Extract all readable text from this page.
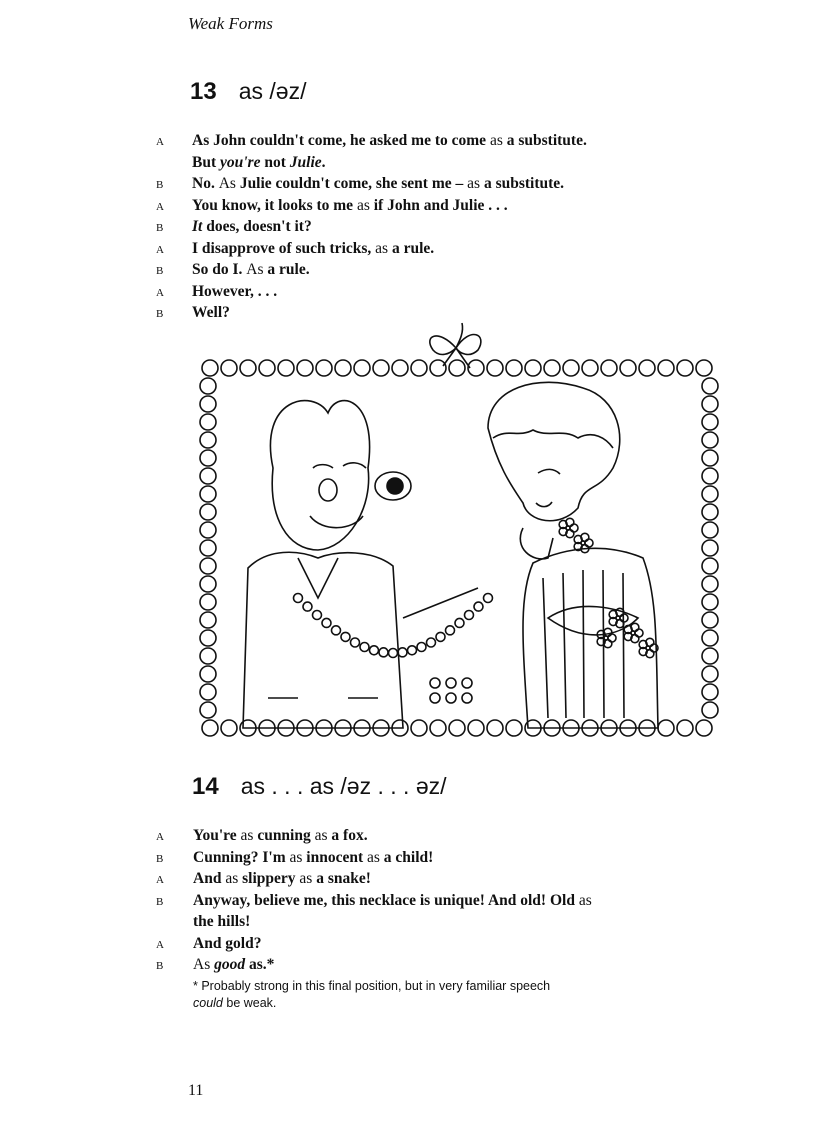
Weak Forms
13 as /əz/
A	As John couldn't come, he asked me to come as a substitute.
But you're not Julie.
B	No. As Julie couldn't come, she sent me – as a substitute.
A	You know, it looks to me as if John and Julie . . .
B	It does, doesn't it?
A	I disapprove of such tricks, as a rule.
B	So do I. As a rule.
A	However, . . .
B	Well?
14 as . . . as /əz . . . əz/
A	You're as cunning as a fox.
B	Cunning? I'm as innocent as a child!
A	And as slippery as a snake!
B	Anyway, believe me, this necklace is unique! And old! Old as
the hills!
A	And gold?
B	As good as.*
* Probably strong in this final position, but in very familiar speech
could be weak.
11
